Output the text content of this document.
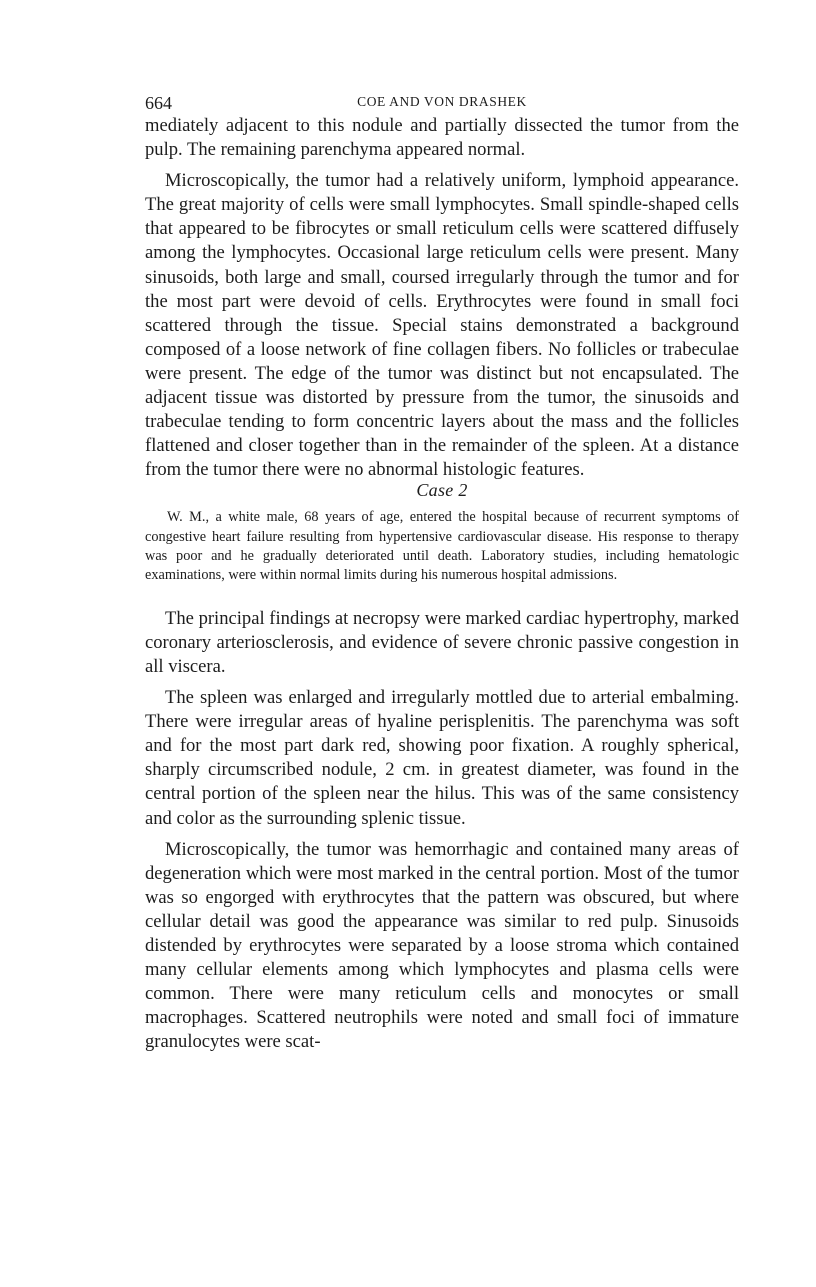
664	COE AND VON DRASHEK

mediately adjacent to this nodule and partially dissected the tumor from the pulp. The remaining parenchyma appeared normal.

Microscopically, the tumor had a relatively uniform, lymphoid appearance. The great majority of cells were small lymphocytes. Small spindle-shaped cells that appeared to be fibrocytes or small reticulum cells were scattered diffusely among the lymphocytes. Occasional large reticulum cells were present. Many sinusoids, both large and small, coursed irregularly through the tumor and for the most part were devoid of cells. Erythrocytes were found in small foci scattered through the tissue. Special stains demonstrated a background composed of a loose network of fine collagen fibers. No follicles or trabeculae were present. The edge of the tumor was distinct but not encapsulated. The adjacent tissue was distorted by pressure from the tumor, the sinusoids and trabeculae tending to form concentric layers about the mass and the follicles flattened and closer together than in the remainder of the spleen. At a distance from the tumor there were no abnormal histologic features.

Case 2

W. M., a white male, 68 years of age, entered the hospital because of recurrent symptoms of congestive heart failure resulting from hypertensive cardiovascular disease. His response to therapy was poor and he gradually deteriorated until death. Laboratory studies, including hematologic examinations, were within normal limits during his numerous hospital admissions.

The principal findings at necropsy were marked cardiac hypertrophy, marked coronary arteriosclerosis, and evidence of severe chronic passive congestion in all viscera.

The spleen was enlarged and irregularly mottled due to arterial embalming. There were irregular areas of hyaline perisplenitis. The parenchyma was soft and for the most part dark red, showing poor fixation. A roughly spherical, sharply circumscribed nodule, 2 cm. in greatest diameter, was found in the central portion of the spleen near the hilus. This was of the same consistency and color as the surrounding splenic tissue.

Microscopically, the tumor was hemorrhagic and contained many areas of degeneration which were most marked in the central portion. Most of the tumor was so engorged with erythrocytes that the pattern was obscured, but where cellular detail was good the appearance was similar to red pulp. Sinusoids distended by erythrocytes were separated by a loose stroma which contained many cellular elements among which lymphocytes and plasma cells were common. There were many reticulum cells and monocytes or small macrophages. Scattered neutrophils were noted and small foci of immature granulocytes were scat-
